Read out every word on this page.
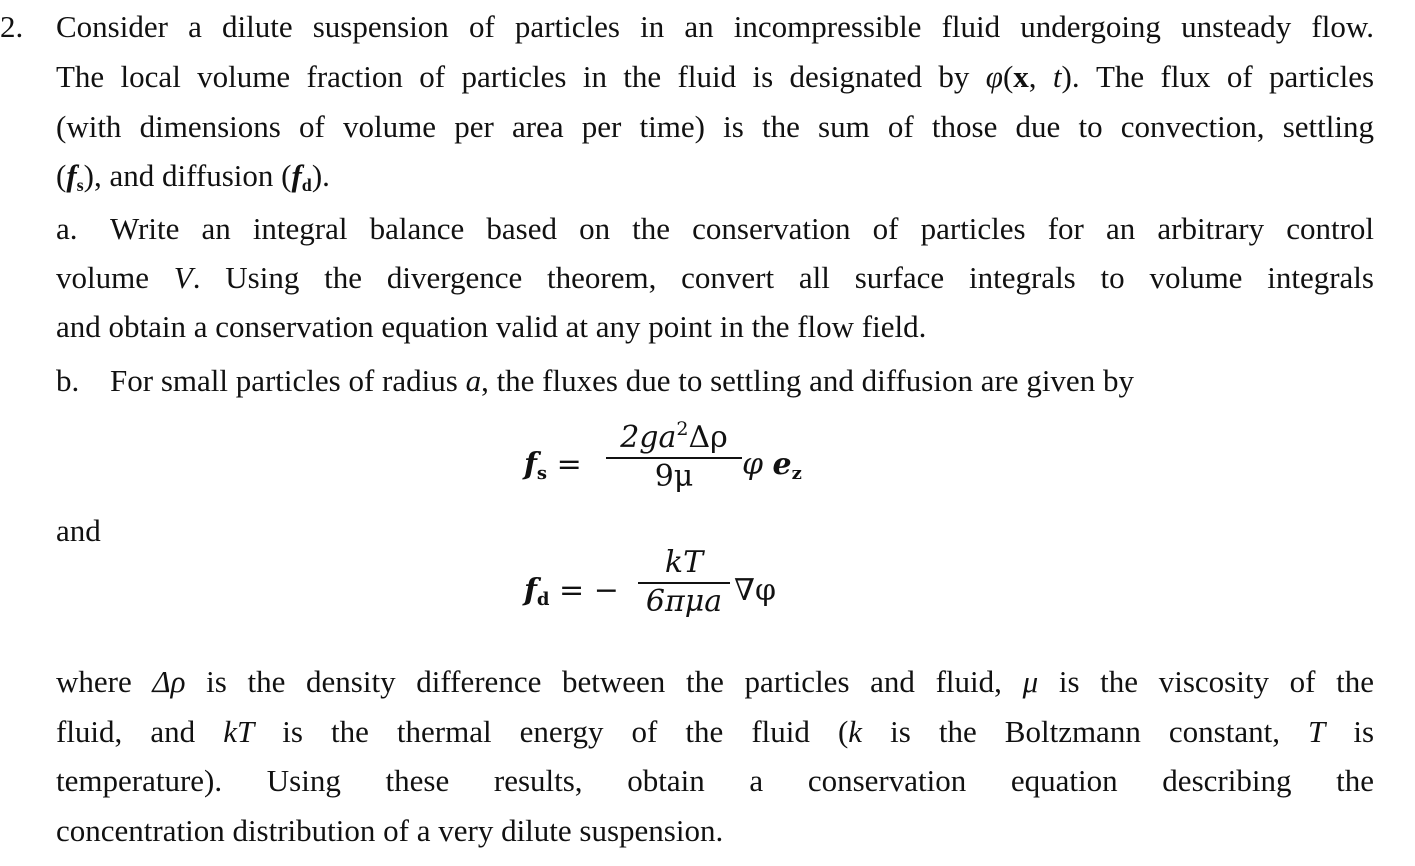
2. Consider a dilute suspension of particles in an incompressible fluid undergoing unsteady flow.
The local volume fraction of particles in the fluid is designated by φ(x, t). The flux of particles
(with dimensions of volume per area per time) is the sum of those due to convection, settling
$(f_s)$, and diffusion $(f_d)$.
a. Write an integral balance based on the conservation of particles for an arbitrary control
volume V. Using the divergence theorem, convert all surface integrals to volume integrals
and obtain a conservation equation valid at any point in the flow field.
b. For small particles of radius a, the fluxes due to settling and diffusion are given by
$f_s$ =
$2ga^2\Delta\rho$
9μ	φ $e_z$
and
$f_d$ = −
kT
6πμa ∇φ
where Δρ is the density difference between the particles and fluid, μ is the viscosity of the
fluid, and kT is the thermal energy of the fluid (k is the Boltzmann constant, T is
temperature). Using these results, obtain a conservation equation describing the
concentration distribution of a very dilute suspension.
